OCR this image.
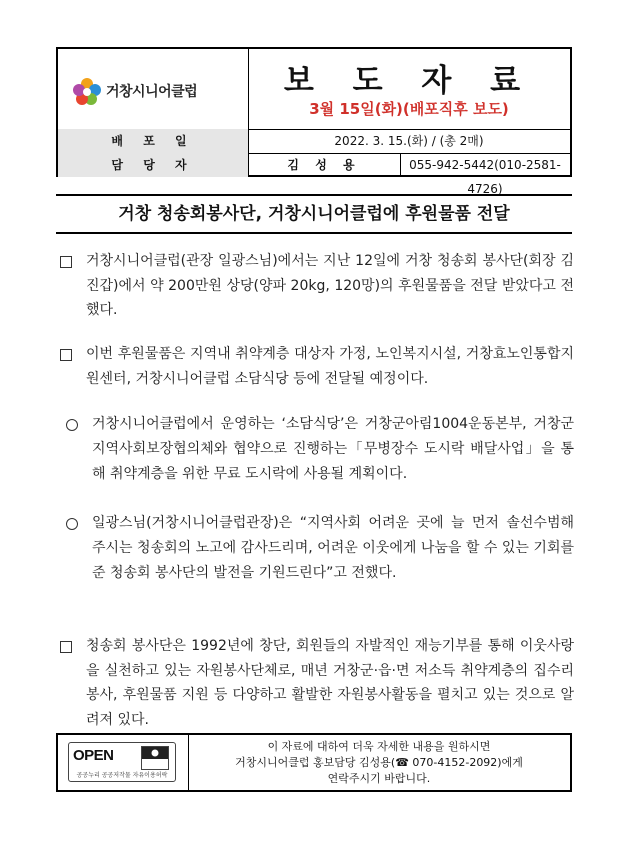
거창시니어클럽	보 도 자 료
3월 15일(화)(배포직후 보도)
배 포 일	2022. 3. 15.(화) / (총 2매)
담 당 자	김 성 용	055-942-5442(010-2581-4726)
거창 청송회봉사단, 거창시니어클럽에 후원물품 전달
거창시니어클럽(관장 일광스님)에서는 지난 12일에 거창 청송회 봉사단(회장 김진갑)에서 약 200만원 상당(양파 20kg, 120망)의 후원물품을 전달 받았다고 전했다.
이번 후원물품은 지역내 취약계층 대상자 가정, 노인복지시설, 거창효노인통합지원센터, 거창시니어클럽 소담식당 등에 전달될 예정이다.
거창시니어클럽에서 운영하는 ‘소담식당’은 거창군아림1004운동본부, 거창군지역사회보장협의체와 협약으로 진행하는「무병장수 도시락 배달사업」을 통해 취약계층을 위한 무료 도시락에 사용될 계획이다.
일광스님(거창시니어클럽관장)은 “지역사회 어려운 곳에 늘 먼저 솔선수범해 주시는 청송회의 노고에 감사드리며, 어려운 이웃에게 나눔을 할 수 있는 기회를 준 청송회 봉사단의 발전을 기원드린다”고 전했다.
청송회 봉사단은 1992년에 창단, 회원들의 자발적인 재능기부를 통해 이웃사랑을 실천하고 있는 자원봉사단체로, 매년 거창군·읍·면 저소득 취약계층의 집수리봉사, 후원물품 지원 등 다양하고 활발한 자원봉사활동을 펼치고 있는 것으로 알려져 있다.
OPEN
공공누리 공공저작물 자유이용허락
이 자료에 대하여 더욱 자세한 내용을 원하시면
거창시니어클럽 홍보담당 김성용(☎ 070-4152-2092)에게
연락주시기 바랍니다.
